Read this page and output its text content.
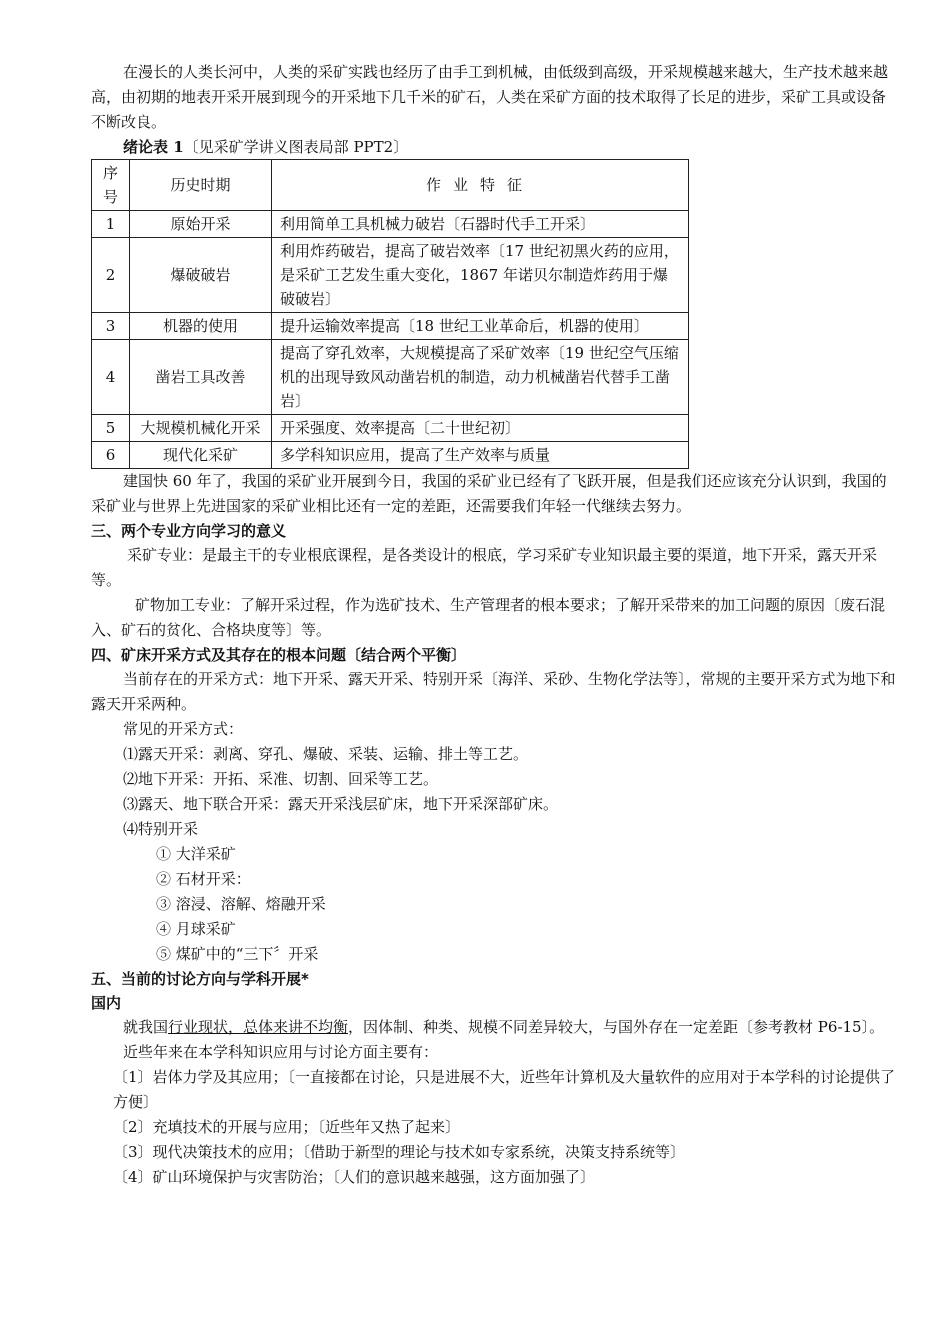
在漫长的人类长河中，人类的采矿实践也经历了由手工到机械，由低级到高级，开采规模越来越大，生产技术越来越高，由初期的地表开采开展到现今的开采地下几千米的矿石，人类在采矿方面的技术取得了长足的进步，采矿工具或设备不断改良。

绪论表 1〔见采矿学讲义图表局部 PPT2〕

序号	历史时期	作业特征
1	原始开采	利用简单工具机械力破岩〔石器时代手工开采〕
2	爆破破岩	利用炸药破岩，提高了破岩效率〔17 世纪初黑火药的应用，是采矿工艺发生重大变化，1867 年诺贝尔制造炸药用于爆破破岩〕
3	机器的使用	提升运输效率提高〔18 世纪工业革命后，机器的使用〕
4	凿岩工具改善	提高了穿孔效率，大规模提高了采矿效率〔19 世纪空气压缩机的出现导致风动凿岩机的制造，动力机械凿岩代替手工凿岩〕
5	大规模机械化开采	开采强度、效率提高〔二十世纪初〕
6	现代化采矿	多学科知识应用，提高了生产效率与质量

建国快 60 年了，我国的采矿业开展到今日，我国的采矿业已经有了飞跃开展，但是我们还应该充分认识到，我国的采矿业与世界上先进国家的采矿业相比还有一定的差距，还需要我们年轻一代继续去努力。

三、两个专业方向学习的意义

采矿专业：是最主干的专业根底课程，是各类设计的根底，学习采矿专业知识最主要的渠道，地下开采，露天开采等。

矿物加工专业：了解开采过程，作为选矿技术、生产管理者的根本要求；了解开采带来的加工问题的原因〔废石混入、矿石的贫化、合格块度等〕等。

四、矿床开采方式及其存在的根本问题〔结合两个平衡〕

当前存在的开采方式：地下开采、露天开采、特别开采〔海洋、采砂、生物化学法等〕，常规的主要开采方式为地下和露天开采两种。

常见的开采方式：

⑴露天开采：剥离、穿孔、爆破、采装、运输、排土等工艺。

⑵地下开采：开拓、采准、切割、回采等工艺。

⑶露天、地下联合开采：露天开采浅层矿床，地下开采深部矿床。

⑷特别开采

① 大洋采矿

② 石材开采：

③ 溶浸、溶解、熔融开采

④ 月球采矿

⑤ 煤矿中的“三下〞开采

五、当前的讨论方向与学科开展*

国内

就我国行业现状，总体来讲不均衡，因体制、种类、规模不同差异较大，与国外存在一定差距〔参考教材 P6-15〕。

近些年来在本学科知识应用与讨论方面主要有：

〔1〕岩体力学及其应用；〔一直接都在讨论，只是进展不大，近些年计算机及大量软件的应用对于本学科的讨论提供了方便〕

〔2〕充填技术的开展与应用；〔近些年又热了起来〕

〔3〕现代决策技术的应用；〔借助于新型的理论与技术如专家系统，决策支持系统等〕

〔4〕矿山环境保护与灾害防治；〔人们的意识越来越强，这方面加强了〕
